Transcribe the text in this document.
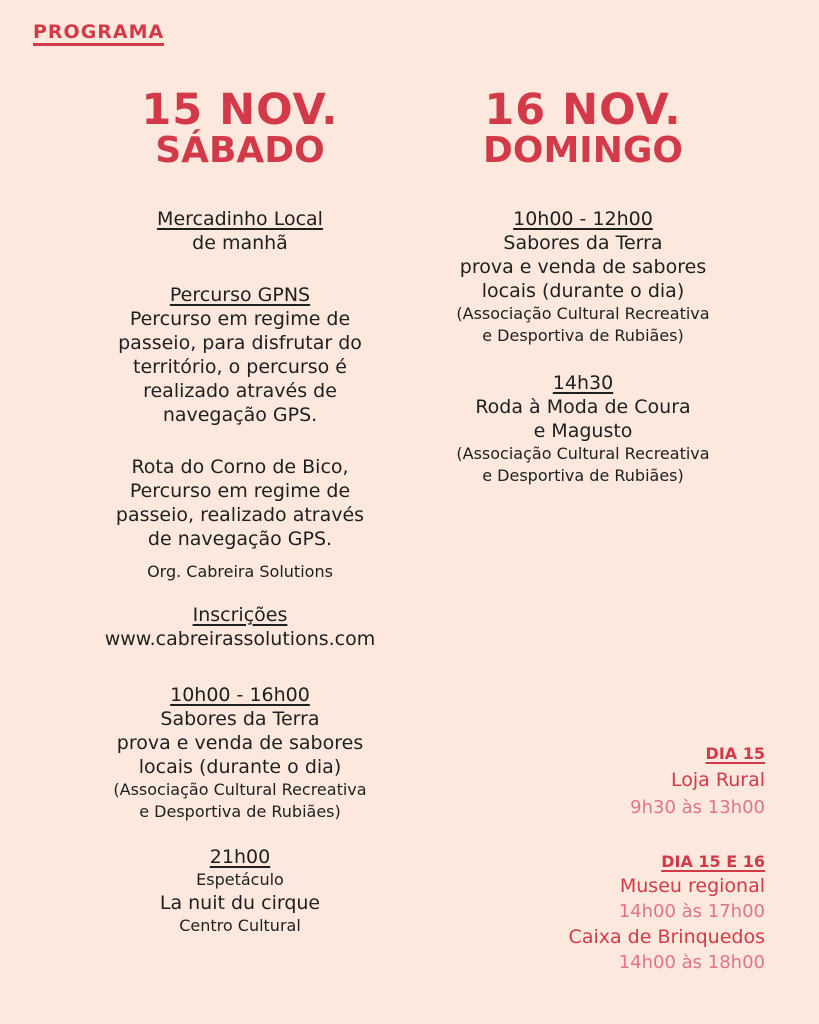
PROGRAMA
15 NOV.
SÁBADO
16 NOV.
DOMINGO
Mercadinho Local
de manhã
Percurso GPNS
Percurso em regime de
passeio, para disfrutar do
território, o percurso é
realizado através de
navegação GPS.
Rota do Corno de Bico,
Percurso em regime de
passeio, realizado através
de navegação GPS.
Org. Cabreira Solutions
Inscrições
www.cabreirassolutions.com
10h00 - 16h00
Sabores da Terra
prova e venda de sabores
locais (durante o dia)
(Associação Cultural Recreativa
e Desportiva de Rubiães)
21h00
Espetáculo
La nuit du cirque
Centro Cultural
10h00 - 12h00
Sabores da Terra
prova e venda de sabores
locais (durante o dia)
(Associação Cultural Recreativa
e Desportiva de Rubiães)
14h30
Roda à Moda de Coura
e Magusto
(Associação Cultural Recreativa
e Desportiva de Rubiães)
DIA 15
Loja Rural
9h30 às 13h00
DIA 15 E 16
Museu regional
14h00 às 17h00
Caixa de Brinquedos
14h00 às 18h00
